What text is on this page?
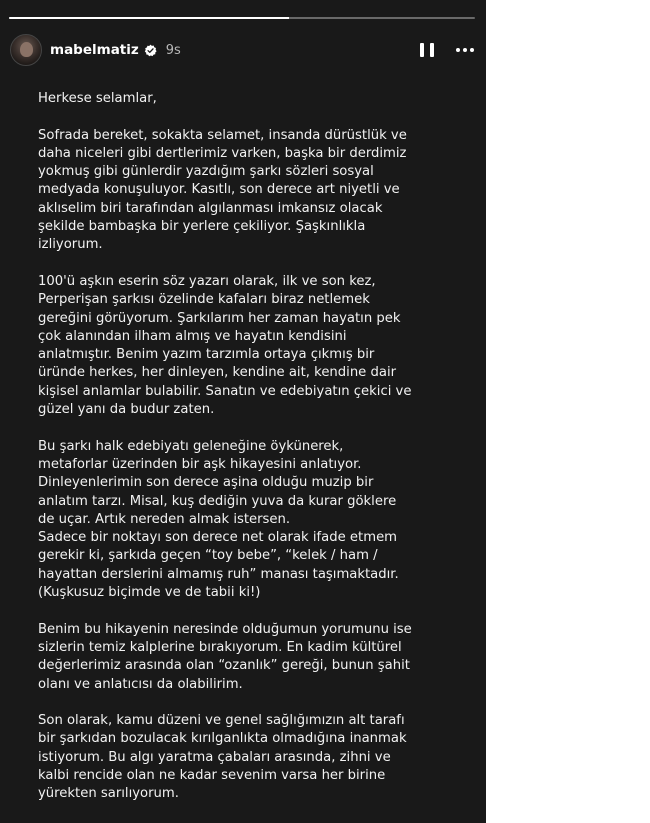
mabelmatiz 9s

Herkese selamlar,

Sofrada bereket, sokakta selamet, insanda dürüstlük ve
daha niceleri gibi dertlerimiz varken, başka bir derdimiz
yokmuş gibi günlerdir yazdığım şarkı sözleri sosyal
medyada konuşuluyor. Kasıtlı, son derece art niyetli ve
aklıselim biri tarafından algılanması imkansız olacak
şekilde bambaşka bir yerlere çekiliyor. Şaşkınlıkla
izliyorum.

100'ü aşkın eserin söz yazarı olarak, ilk ve son kez,
Perperişan şarkısı özelinde kafaları biraz netlemek
gereğini görüyorum. Şarkılarım her zaman hayatın pek
çok alanından ilham almış ve hayatın kendisini
anlatmıştır. Benim yazım tarzımla ortaya çıkmış bir
üründe herkes, her dinleyen, kendine ait, kendine dair
kişisel anlamlar bulabilir. Sanatın ve edebiyatın çekici ve
güzel yanı da budur zaten.

Bu şarkı halk edebiyatı geleneğine öykünerek,
metaforlar üzerinden bir aşk hikayesini anlatıyor.
Dinleyenlerimin son derece aşina olduğu muzip bir
anlatım tarzı. Misal, kuş dediğin yuva da kurar göklere
de uçar. Artık nereden almak istersen.
Sadece bir noktayı son derece net olarak ifade etmem
gerekir ki, şarkıda geçen “toy bebe”, “kelek / ham /
hayattan derslerini almamış ruh” manası taşımaktadır.
(Kuşkusuz biçimde ve de tabii ki!)

Benim bu hikayenin neresinde olduğumun yorumunu ise
sizlerin temiz kalplerine bırakıyorum. En kadim kültürel
değerlerimiz arasında olan “ozanlık” gereği, bunun şahit
olanı ve anlatıcısı da olabilirim.

Son olarak, kamu düzeni ve genel sağlığımızın alt tarafı
bir şarkıdan bozulacak kırılganlıkta olmadığına inanmak
istiyorum. Bu algı yaratma çabaları arasında, zihni ve
kalbi rencide olan ne kadar sevenim varsa her birine
yürekten sarılıyorum.
